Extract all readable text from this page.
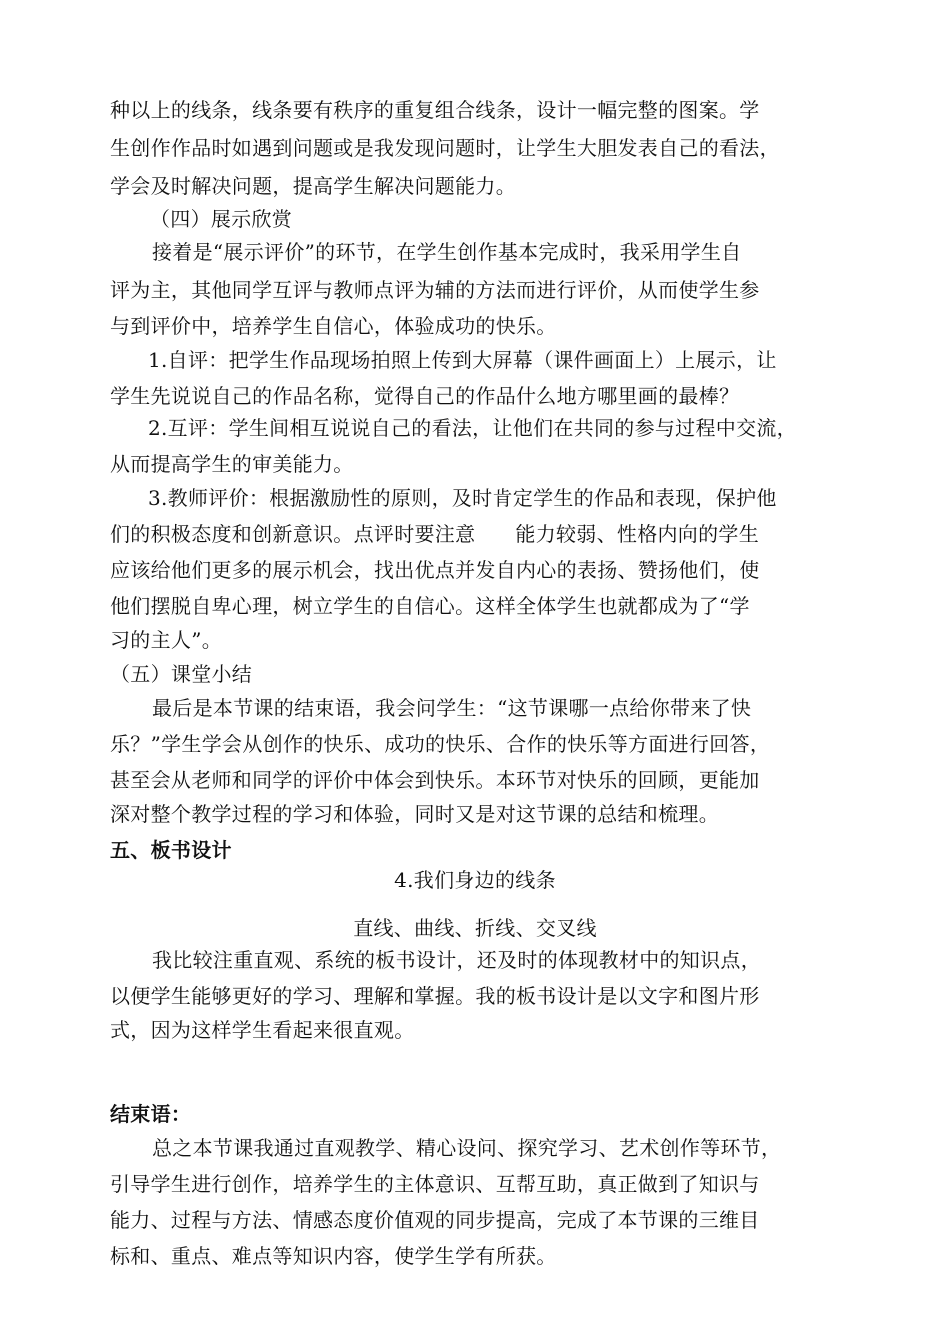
种以上的线条，线条要有秩序的重复组合线条，设计一幅完整的图案。学
生创作作品时如遇到问题或是我发现问题时，让学生大胆发表自己的看法，
学会及时解决问题，提高学生解决问题能力。
（四）展示欣赏
接着是“展示评价”的环节，在学生创作基本完成时，我采用学生自
评为主，其他同学互评与教师点评为辅的方法而进行评价，从而使学生参
与到评价中，培养学生自信心，体验成功的快乐。
1.自评：把学生作品现场拍照上传到大屏幕（课件画面上）上展示，让
学生先说说自己的作品名称，觉得自己的作品什么地方哪里画的最棒？
2.互评：学生间相互说说自己的看法，让他们在共同的参与过程中交流，
从而提高学生的审美能力。
3.教师评价：根据激励性的原则，及时肯定学生的作品和表现，保护他
们的积极态度和创新意识。点评时要注意 能力较弱、性格内向的学生
应该给他们更多的展示机会，找出优点并发自内心的表扬、赞扬他们，使
他们摆脱自卑心理，树立学生的自信心。这样全体学生也就都成为了“学
习的主人”。
（五）课堂小结
最后是本节课的结束语，我会问学生：“这节课哪一点给你带来了快
乐？”学生学会从创作的快乐、成功的快乐、合作的快乐等方面进行回答，
甚至会从老师和同学的评价中体会到快乐。本环节对快乐的回顾，更能加
深对整个教学过程的学习和体验，同时又是对这节课的总结和梳理。
五、板书设计
4.我们身边的线条
直线、曲线、折线、交叉线
我比较注重直观、系统的板书设计，还及时的体现教材中的知识点，
以便学生能够更好的学习、理解和掌握。我的板书设计是以文字和图片形
式，因为这样学生看起来很直观。
结束语：
总之本节课我通过直观教学、精心设问、探究学习、艺术创作等环节，
引导学生进行创作，培养学生的主体意识、互帮互助，真正做到了知识与
能力、过程与方法、情感态度价值观的同步提高，完成了本节课的三维目
标和、重点、难点等知识内容，使学生学有所获。
